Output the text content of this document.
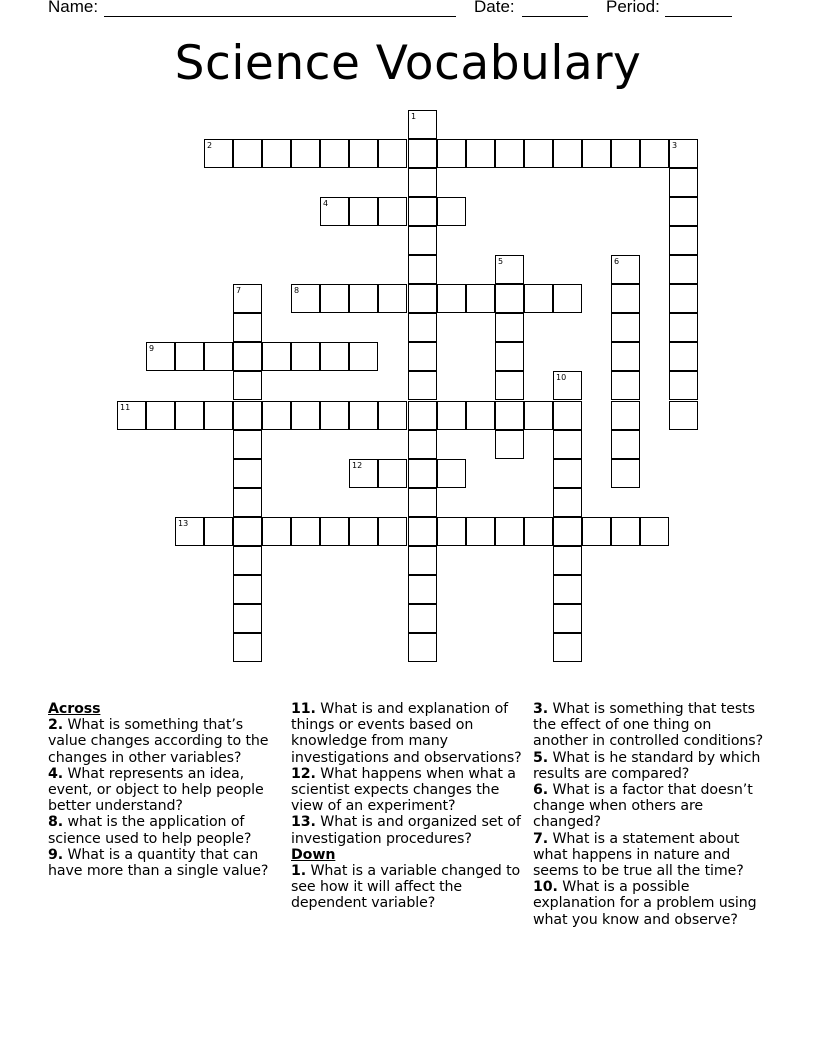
Name:	Date:	Period:
Science Vocabulary
1
2	3
4
5	6
7	8
9
10
11
12
13
Across
2. What is something that’s value changes according to the changes in other variables?
4. What represents an idea, event, or object to help people better understand?
8. what is the application of science used to help people?
9. What is a quantity that can have more than a single value?
11. What is and explanation of things or events based on knowledge from many investigations and observations?
12. What happens when what a scientist expects changes the view of an experiment?
13. What is and organized set of investigation procedures?
Down
1. What is a variable changed to see how it will affect the dependent variable?
3. What is something that tests the effect of one thing on another in controlled conditions?
5. What is he standard by which results are compared?
6. What is a factor that doesn’t change when others are changed?
7. What is a statement about what happens in nature and seems to be true all the time?
10. What is a possible explanation for a problem using what you know and observe?
